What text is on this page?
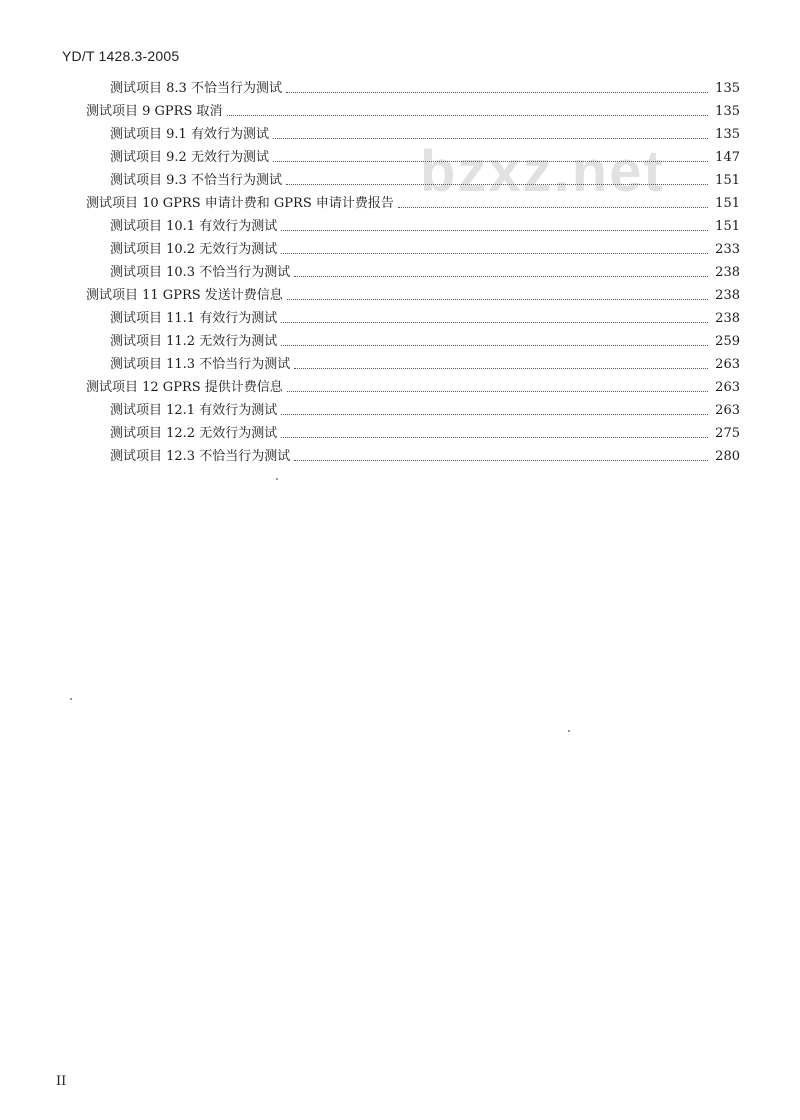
YD/T 1428.3-2005
bzxz.net
测试项目 8.3 不恰当行为测试	135
测试项目 9 GPRS 取消	135
测试项目 9.1 有效行为测试	135
测试项目 9.2 无效行为测试	147
测试项目 9.3 不恰当行为测试	151
测试项目 10 GPRS 申请计费和 GPRS 申请计费报告	151
测试项目 10.1 有效行为测试	151
测试项目 10.2 无效行为测试	233
测试项目 10.3 不恰当行为测试	238
测试项目 11 GPRS 发送计费信息	238
测试项目 11.1 有效行为测试	238
测试项目 11.2 无效行为测试	259
测试项目 11.3 不恰当行为测试	263
测试项目 12 GPRS 提供计费信息	263
测试项目 12.1 有效行为测试	263
测试项目 12.2 无效行为测试	275
测试项目 12.3 不恰当行为测试	280
II
